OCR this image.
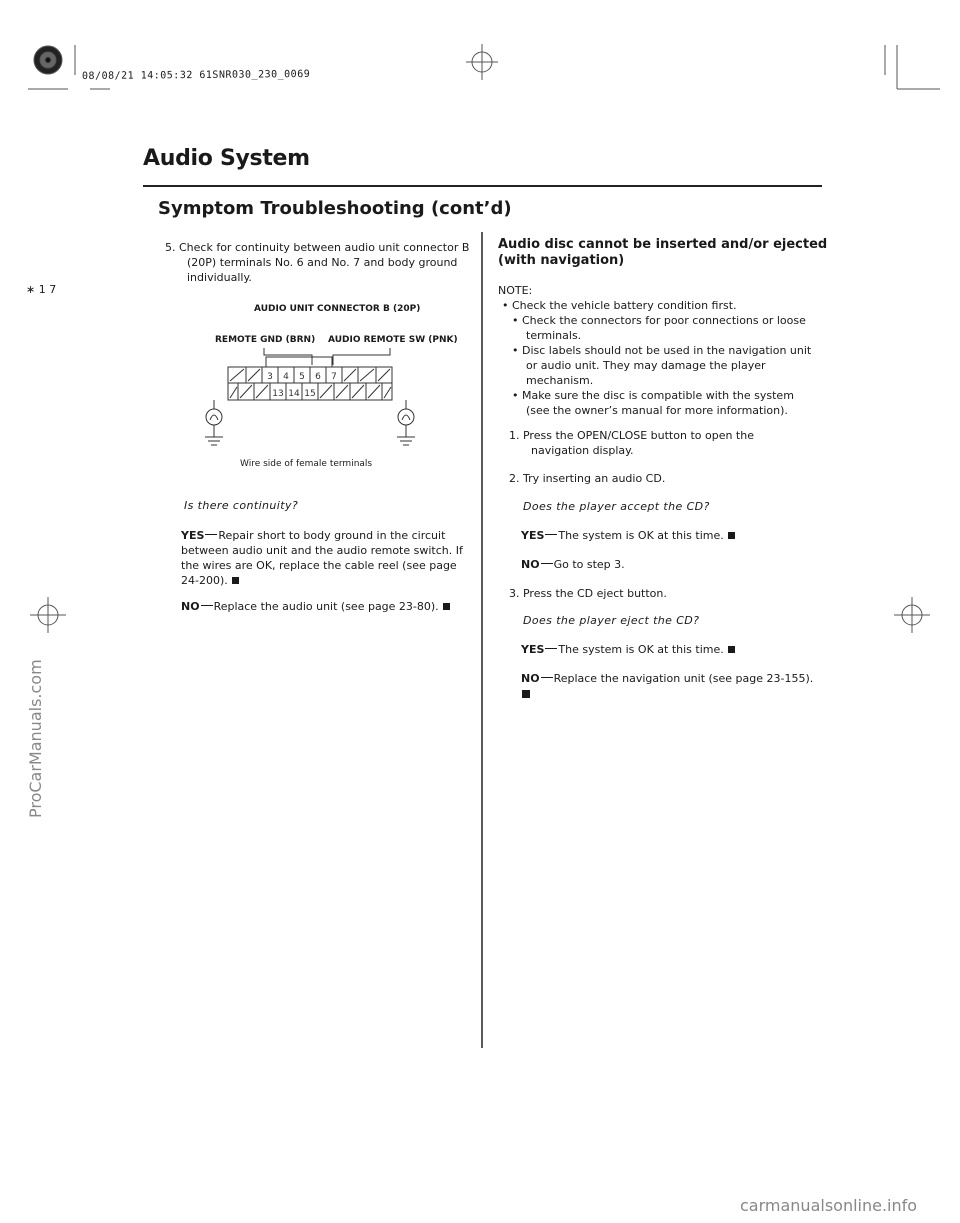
08/08/21 14:05:32 61SNR030_230_0069
Audio System
Symptom Troubleshooting (cont’d)
∗ 1 7
5. Check for continuity between audio unit connector B (20P) terminals No. 6 and No. 7 and body ground individually.
AUDIO UNIT CONNECTOR B (20P)
REMOTE GND (BRN) AUDIO REMOTE SW (PNK)
3 4 5 6 7
13 14 15
Wire side of female terminals
Is there continuity?
YES Repair short to body ground in the circuit between audio unit and the audio remote switch. If the wires are OK, replace the cable reel (see page 24-200).
NO Replace the audio unit (see page 23-80).
Audio disc cannot be inserted and/or ejected
(with navigation)
NOTE:
• Check the vehicle battery condition first.
• Check the connectors for poor connections or loose terminals.
• Disc labels should not be used in the navigation unit or audio unit. They may damage the player mechanism.
• Make sure the disc is compatible with the system (see the owner’s manual for more information).
1. Press the OPEN/CLOSE button to open the navigation display.
2. Try inserting an audio CD.
Does the player accept the CD?
YES The system is OK at this time.
NO Go to step 3.
3. Press the CD eject button.
Does the player eject the CD?
YES The system is OK at this time.
NO Replace the navigation unit (see page 23-155).
ProCarManuals.com
carmanualsonline.info
